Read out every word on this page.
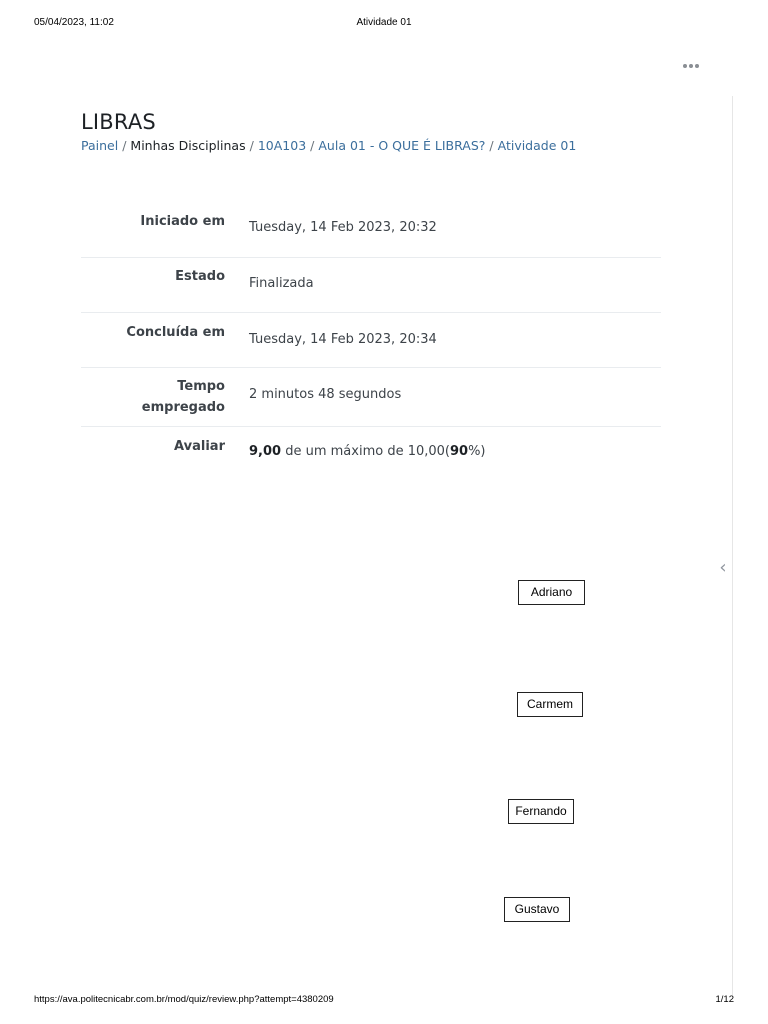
05/04/2023, 11:02	Atividade 01
‹
LIBRAS
Painel / Minhas Disciplinas / 10A103 / Aula 01 - O QUE É LIBRAS? / Atividade 01
Iniciado em	Tuesday, 14 Feb 2023, 20:32
Estado	Finalizada
Concluída em	Tuesday, 14 Feb 2023, 20:34
Tempo
empregado
2 minutos 48 segundos
Avaliar	9,00 de um máximo de 10,00(90%)
Adriano
Carmem
Fernando
Gustavo
https://ava.politecnicabr.com.br/mod/quiz/review.php?attempt=4380209	1/12
